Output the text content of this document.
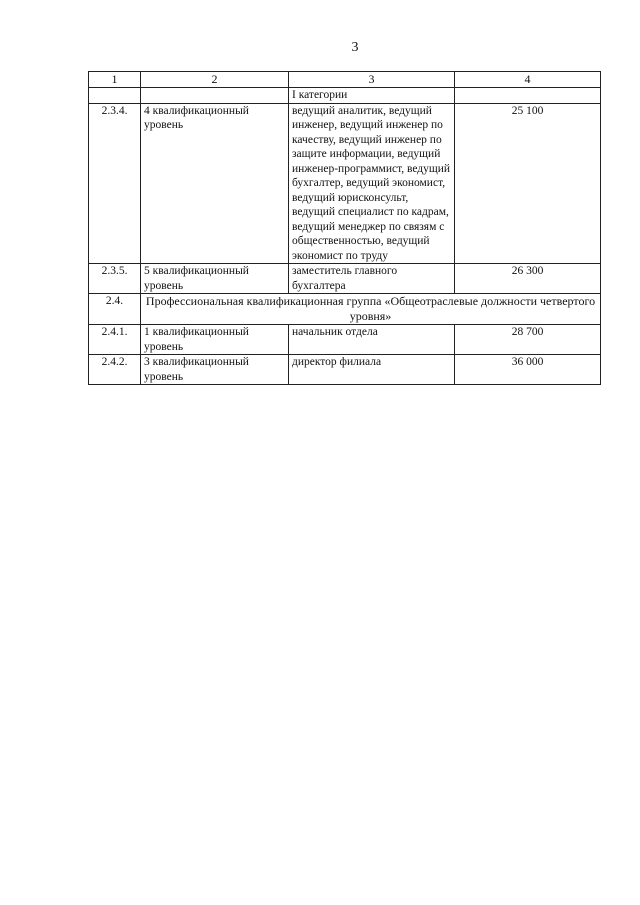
3
1	2	3	4
		I категории	
2.3.4.	4 квалификационный уровень	ведущий аналитик, ведущий инженер, ведущий инженер по качеству, ведущий инженер по защите информации, ведущий инженер-программист, ведущий бухгалтер, ведущий экономист, ведущий юрисконсульт, ведущий специалист по кадрам, ведущий менеджер по связям с общественностью, ведущий экономист по труду	25 100
2.3.5.	5 квалификационный уровень	заместитель главного бухгалтера	26 300
2.4.	Профессиональная квалификационная группа «Общеотраслевые должности четвертого уровня»		
2.4.1.	1 квалификационный уровень	начальник отдела	28 700
2.4.2.	3 квалификационный уровень	директор филиала	36 000
